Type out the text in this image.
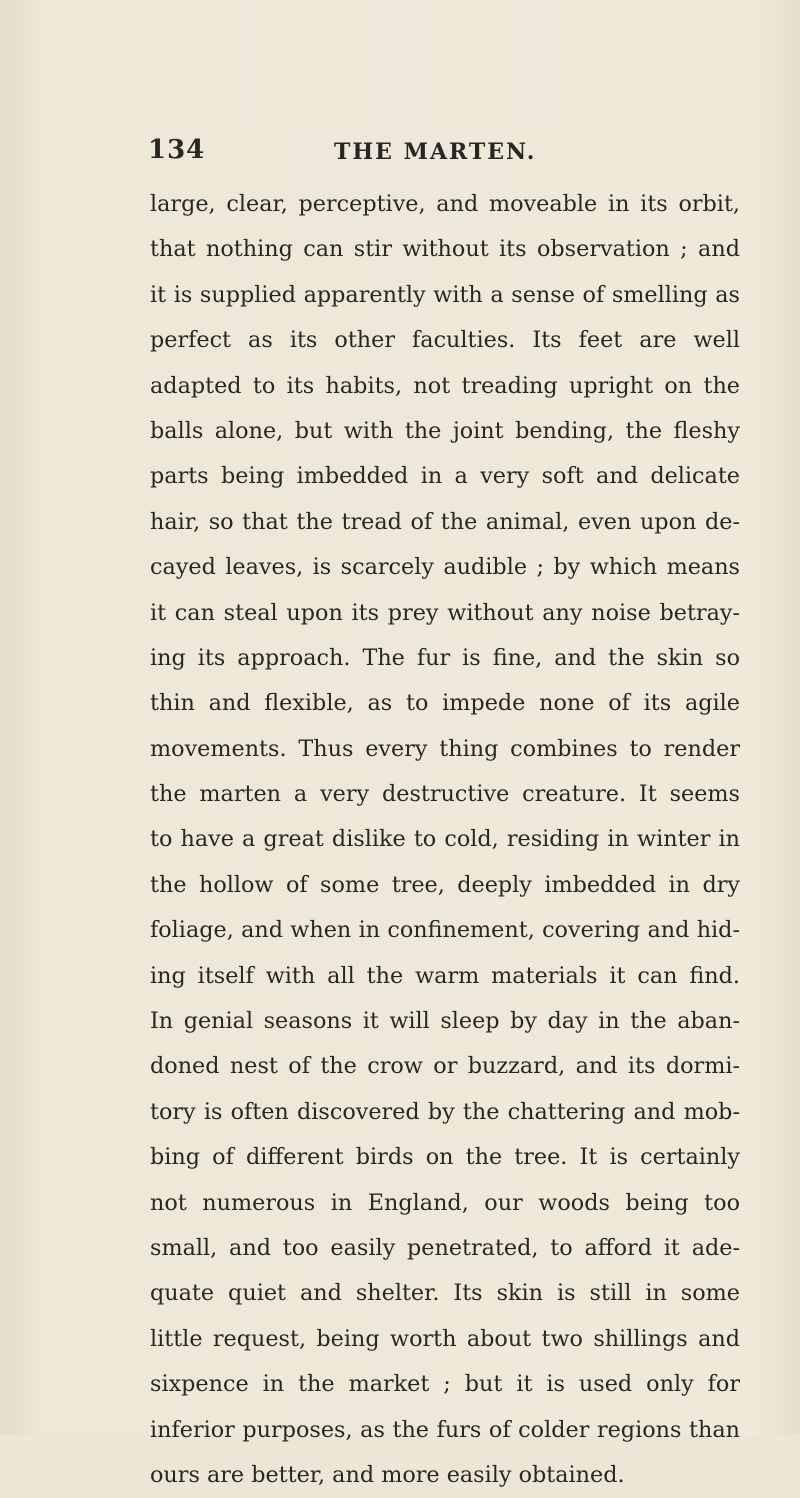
134	THE MARTEN.
large, clear, perceptive, and moveable in its orbit,
that nothing can stir without its observation ; and
it is supplied apparently with a sense of smelling as
perfect as its other faculties. Its feet are well
adapted to its habits, not treading upright on the
balls alone, but with the joint bending, the fleshy
parts being imbedded in a very soft and delicate
hair, so that the tread of the animal, even upon de-
cayed leaves, is scarcely audible ; by which means
it can steal upon its prey without any noise betray-
ing its approach. The fur is fine, and the skin so
thin and flexible, as to impede none of its agile
movements. Thus every thing combines to render
the marten a very destructive creature. It seems
to have a great dislike to cold, residing in winter in
the hollow of some tree, deeply imbedded in dry
foliage, and when in confinement, covering and hid-
ing itself with all the warm materials it can find.
In genial seasons it will sleep by day in the aban-
doned nest of the crow or buzzard, and its dormi-
tory is often discovered by the chattering and mob-
bing of different birds on the tree. It is certainly
not numerous in England, our woods being too
small, and too easily penetrated, to afford it ade-
quate quiet and shelter. Its skin is still in some
little request, being worth about two shillings and
sixpence in the market ; but it is used only for
inferior purposes, as the furs of colder regions than
ours are better, and more easily obtained.
